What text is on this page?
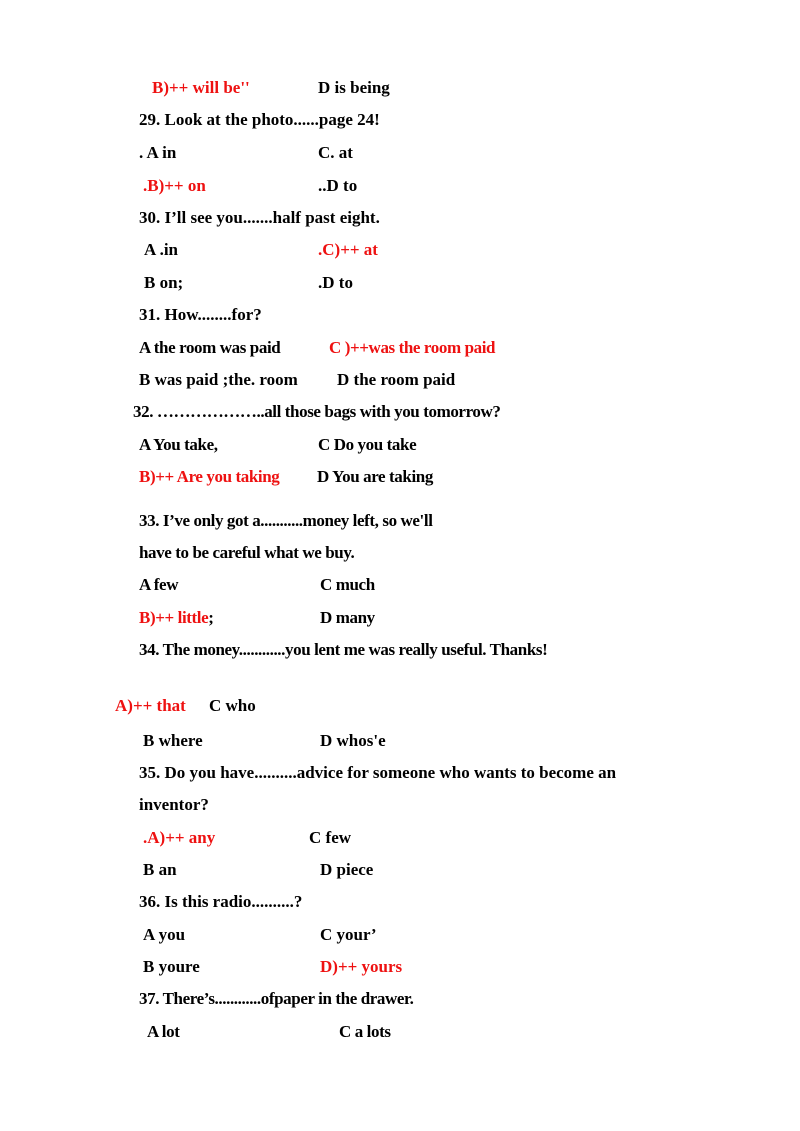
B)++ will be''	D is being
29. Look at the photo......page 24!
. A in	C. at
.B)++ on	..D to
30. I’ll see you.......half past eight.
A .in	.C)++ at
B on;	.D to
31. How........for?
A the room was paid	C )++was the room paid
B was paid ;the. room D the room paid
32. ………………..all those bags with you tomorrow?
A You take,	C Do you take
B)++ Are you taking D You are taking
33. I’ve only got a...........money left, so we'll
have to be careful what we buy.
A few	C much
B)++ little;	D many
34. The money............you lent me was really useful. Thanks!
A)++ that C who
B where	D whos'e
35. Do you have..........advice for someone who wants to become an
inventor?
.A)++ any	C few
B an	D piece
36. Is this radio..........?
A you	C your’
B youre	D)++ yours
37. There’s............ofpaper in the drawer.
A lot	C a lots
